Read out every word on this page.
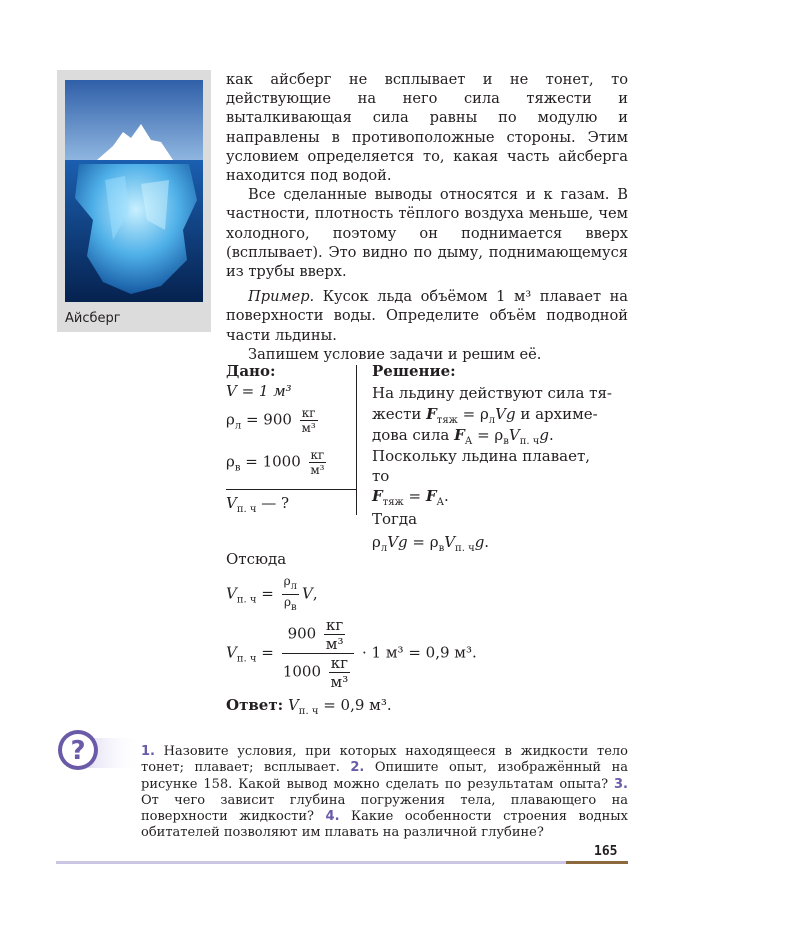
Айсберг

как айсберг не всплывает и не тонет, то действующие на него сила тяжести и выталкивающая сила равны по модулю и направлены в противоположные стороны. Этим условием определяется то, какая часть айсберга находится под водой.

Все сделанные выводы относятся и к газам. В частности, плотность тёплого воздуха меньше, чем холодного, поэтому он поднимается вверх (всплывает). Это видно по дыму, поднимающемуся из трубы вверх.

Пример. Кусок льда объёмом 1 м³ плавает на поверхности воды. Определите объём подводной части льдины.

Запишем условие задачи и решим её.

Дано:
V = 1 м³
$\rho_л = 900 \frac{кг}{\text{м³}}$
$\rho_в = 1000 \frac{кг}{\text{м³}}$
$V_{п. ч}$ — ?
Решение:
На льдину действуют сила тя-
жести $F_{тяж} = \rho_лVg$ и архиме-
дова сила $F_А = \rho_вV_{п. ч}g$.
Поскольку льдина плавает,
то
$F_{тяж} = F_А$.
Тогда
$\rho_лVg = \rho_вV_{п. ч}g$.
Отсюда
$V_{п. ч} = \frac{\rho_л}{\rho_в} V$,
$V_{п. ч} = \frac{900 \frac{кг}{\text{м³}}}{1000 \frac{кг}{\text{м³}}} \cdot 1$ м³ = 0,9 м³.
Ответ: $V_{п. ч} = 0,9$ м³.
?	1. Назовите условия, при которых находящееся в жидкости тело тонет; плавает; всплывает. 2. Опишите опыт, изображённый на рисунке 158. Какой вывод можно сделать по результатам опыта? 3. От чего зависит глубина погружения тела, плавающего на поверхности жидкости? 4. Какие особенности строения водных обитателей позволяют им плавать на различной глубине?
165
